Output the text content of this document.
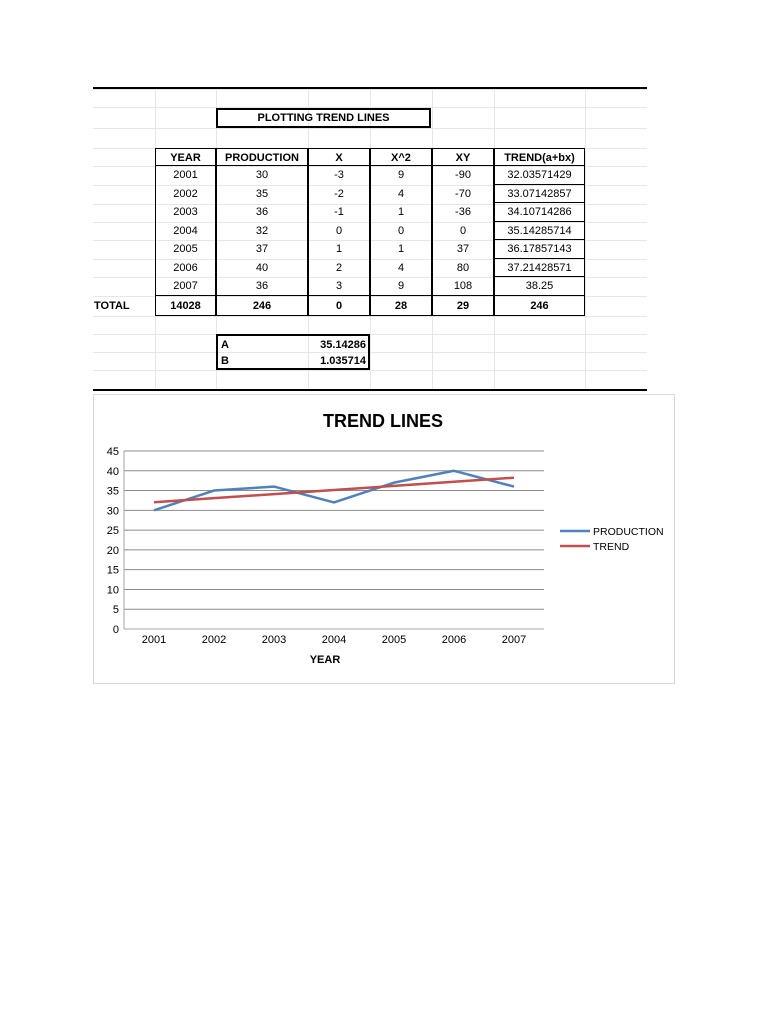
PLOTTING TREND LINES
YEAR	PRODUCTION	X	X^2	XY	TREND(a+bx)
2001	30	-3	9	-90	32.03571429
2002	35	-2	4	-70	33.07142857
2003	36	-1	1	-36	34.10714286
2004	32	0	0	0	35.14285714
2005	37	1	1	37	36.17857143
2006	40	2	4	80	37.21428571
2007	36	3	9	108	38.25
TOTAL	14028	246	0	28	29	246
A	35.14286
B	1.035714
0
5
10
15
20
25
30
35
40
45
2001	2002	2003	2004	2005	2006	2007
PRODUCTION
TREND
TREND LINES
YEAR
